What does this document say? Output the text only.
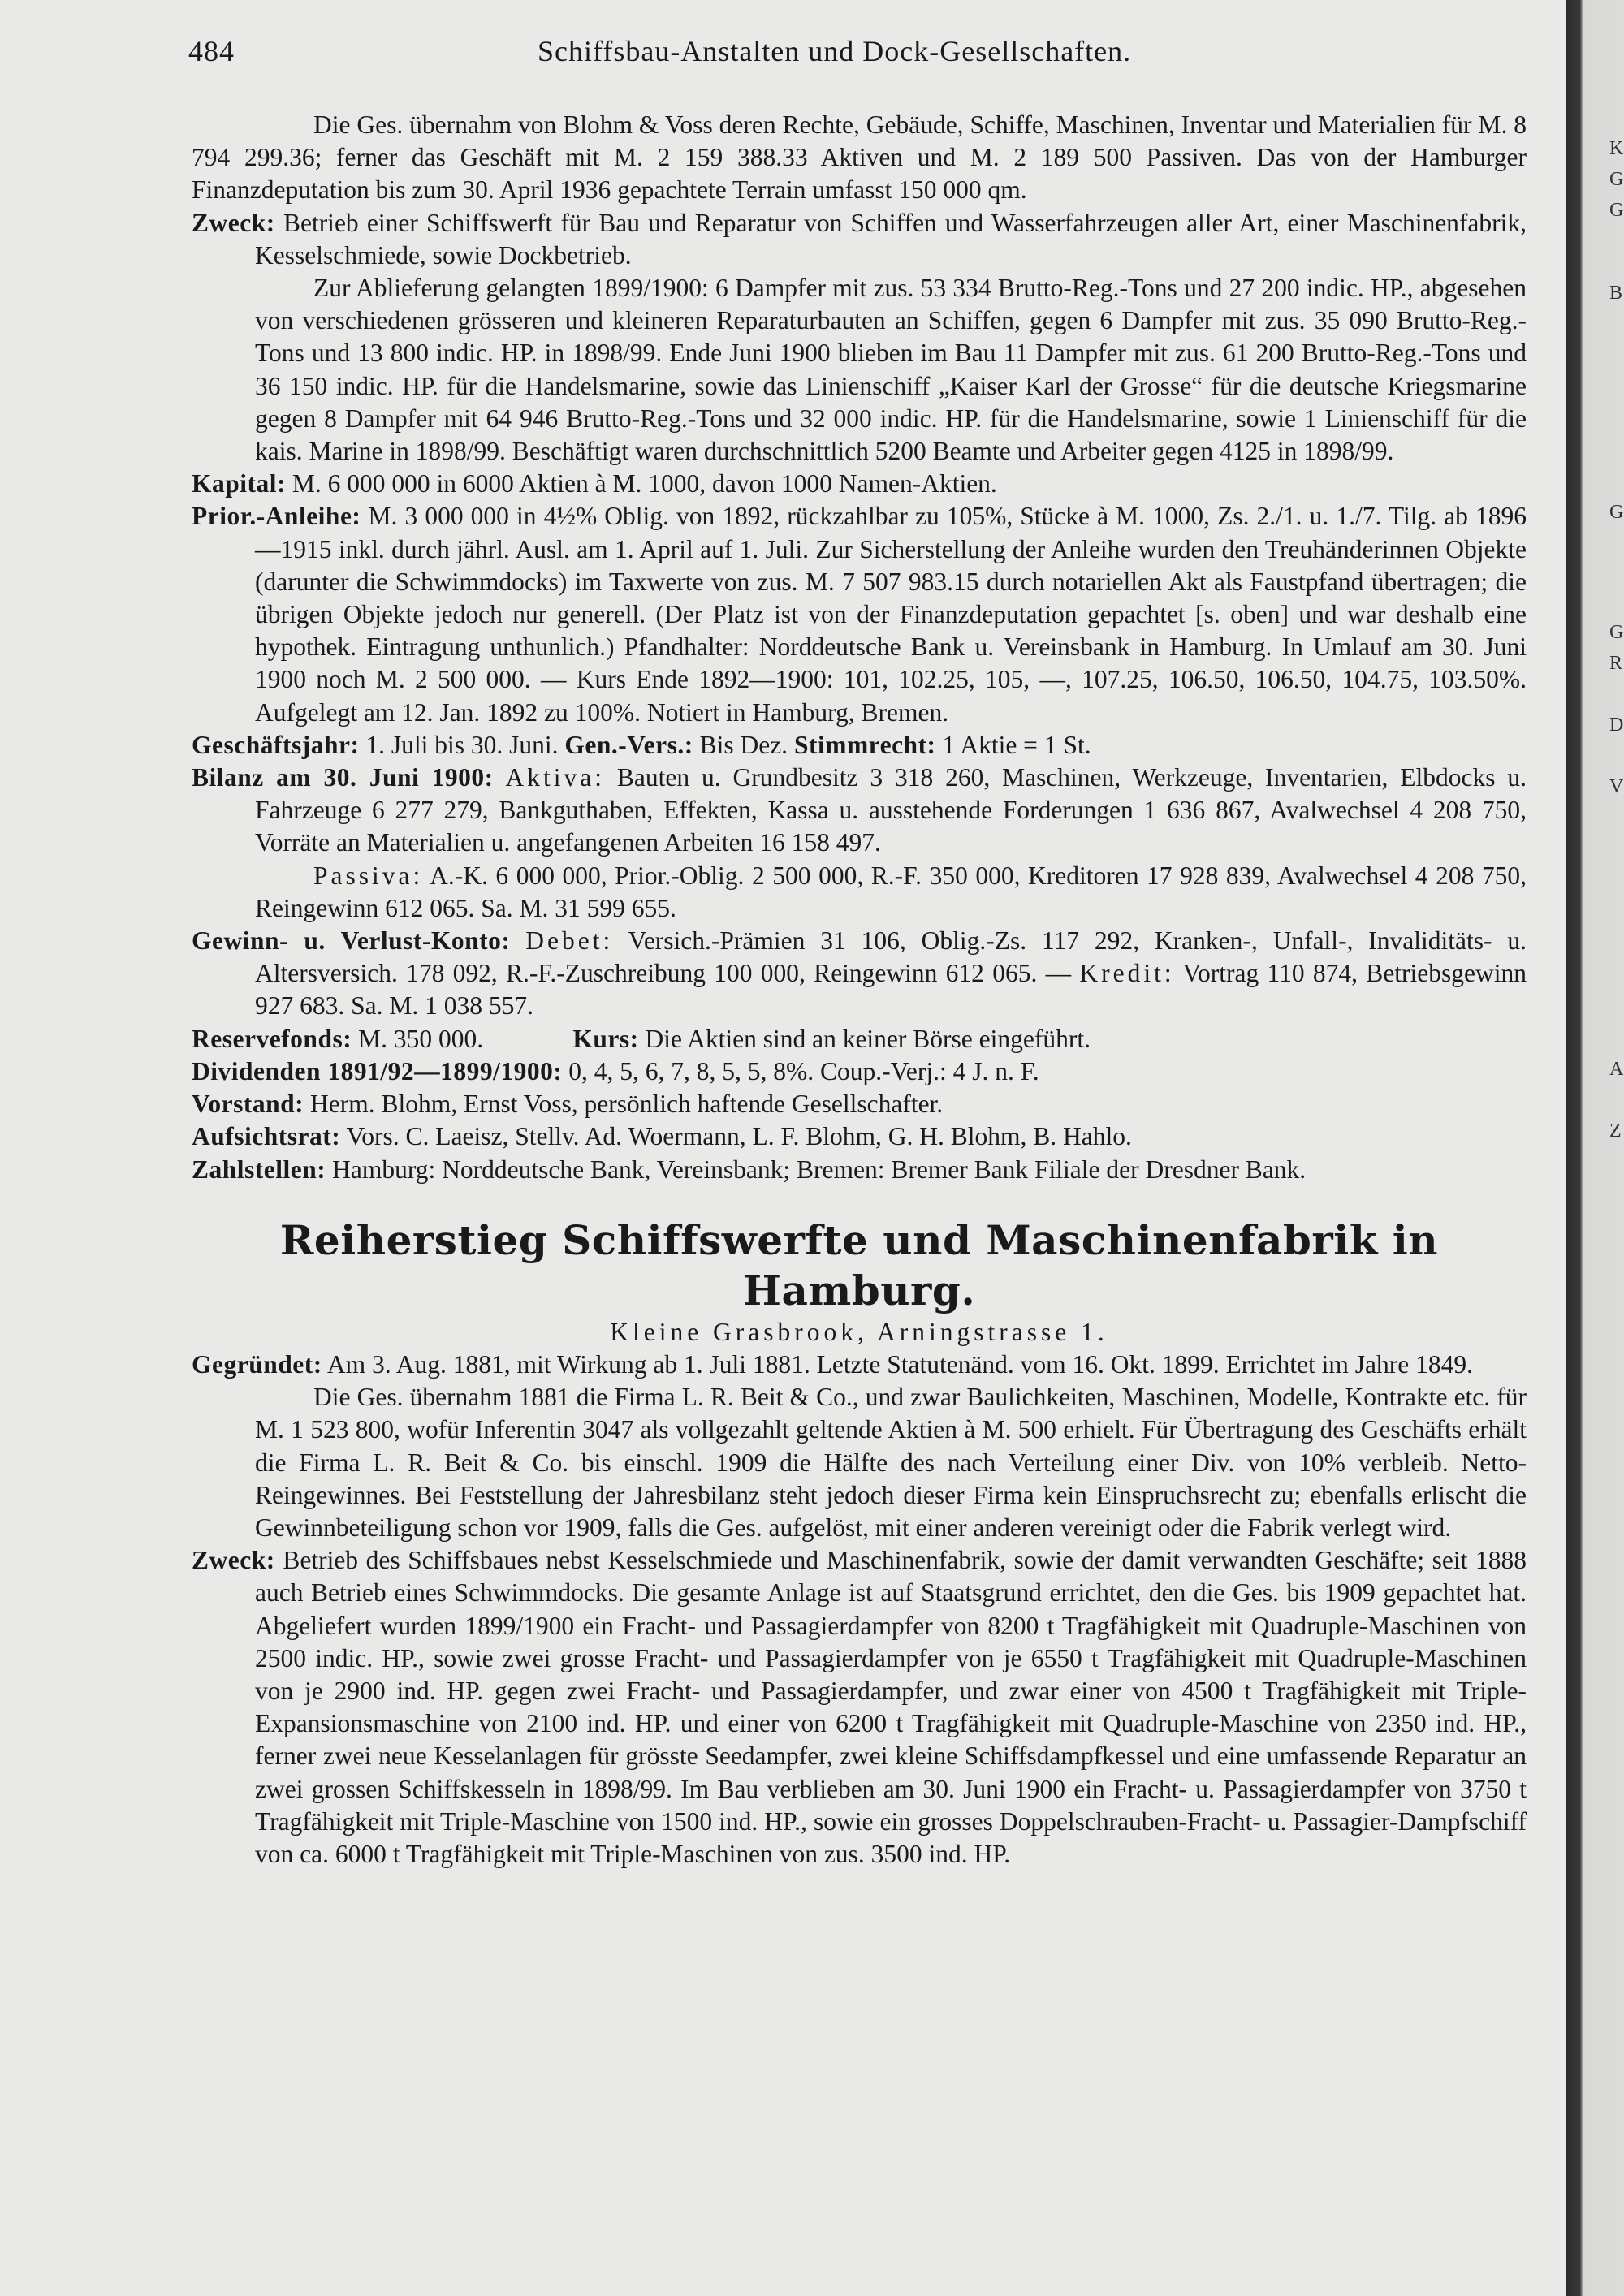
484	Schiffsbau-Anstalten und Dock-Gesellschaften.

Die Ges. übernahm von Blohm & Voss deren Rechte, Gebäude, Schiffe, Maschinen, Inventar und Materialien für M. 8 794 299.36; ferner das Geschäft mit M. 2 159 388.33 Aktiven und M. 2 189 500 Passiven. Das von der Hamburger Finanzdeputation bis zum 30. April 1936 gepachtete Terrain umfasst 150 000 qm.

Zweck: Betrieb einer Schiffswerft für Bau und Reparatur von Schiffen und Wasserfahrzeugen aller Art, einer Maschinenfabrik, Kesselschmiede, sowie Dockbetrieb.

Zur Ablieferung gelangten 1899/1900: 6 Dampfer mit zus. 53 334 Brutto-Reg.-Tons und 27 200 indic. HP., abgesehen von verschiedenen grösseren und kleineren Reparaturbauten an Schiffen, gegen 6 Dampfer mit zus. 35 090 Brutto-Reg.-Tons und 13 800 indic. HP. in 1898/99. Ende Juni 1900 blieben im Bau 11 Dampfer mit zus. 61 200 Brutto-Reg.-Tons und 36 150 indic. HP. für die Handelsmarine, sowie das Linienschiff „Kaiser Karl der Grosse“ für die deutsche Kriegsmarine gegen 8 Dampfer mit 64 946 Brutto-Reg.-Tons und 32 000 indic. HP. für die Handelsmarine, sowie 1 Linienschiff für die kais. Marine in 1898/99. Beschäftigt waren durchschnittlich 5200 Beamte und Arbeiter gegen 4125 in 1898/99.

Kapital: M. 6 000 000 in 6000 Aktien à M. 1000, davon 1000 Namen-Aktien.

Prior.-Anleihe: M. 3 000 000 in 4½% Oblig. von 1892, rückzahlbar zu 105%, Stücke à M. 1000, Zs. 2./1. u. 1./7. Tilg. ab 1896—1915 inkl. durch jährl. Ausl. am 1. April auf 1. Juli. Zur Sicherstellung der Anleihe wurden den Treuhänderinnen Objekte (darunter die Schwimmdocks) im Taxwerte von zus. M. 7 507 983.15 durch notariellen Akt als Faustpfand übertragen; die übrigen Objekte jedoch nur generell. (Der Platz ist von der Finanzdeputation gepachtet [s. oben] und war deshalb eine hypothek. Eintragung unthunlich.) Pfandhalter: Norddeutsche Bank u. Vereinsbank in Hamburg. In Umlauf am 30. Juni 1900 noch M. 2 500 000. — Kurs Ende 1892—1900: 101, 102.25, 105, —, 107.25, 106.50, 106.50, 104.75, 103.50%. Aufgelegt am 12. Jan. 1892 zu 100%. Notiert in Hamburg, Bremen.

Geschäftsjahr: 1. Juli bis 30. Juni. Gen.-Vers.: Bis Dez. Stimmrecht: 1 Aktie = 1 St.

Bilanz am 30. Juni 1900: Aktiva: Bauten u. Grundbesitz 3 318 260, Maschinen, Werkzeuge, Inventarien, Elbdocks u. Fahrzeuge 6 277 279, Bankguthaben, Effekten, Kassa u. ausstehende Forderungen 1 636 867, Avalwechsel 4 208 750, Vorräte an Materialien u. angefangenen Arbeiten 16 158 497.

Passiva: A.-K. 6 000 000, Prior.-Oblig. 2 500 000, R.-F. 350 000, Kreditoren 17 928 839, Avalwechsel 4 208 750, Reingewinn 612 065. Sa. M. 31 599 655.

Gewinn- u. Verlust-Konto: Debet: Versich.-Prämien 31 106, Oblig.-Zs. 117 292, Kranken-, Unfall-, Invaliditäts- u. Altersversich. 178 092, R.-F.-Zuschreibung 100 000, Reingewinn 612 065. — Kredit: Vortrag 110 874, Betriebsgewinn 927 683. Sa. M. 1 038 557.

Reservefonds: M. 350 000.    	Kurs: Die Aktien sind an keiner Börse eingeführt.

Dividenden 1891/92—1899/1900: 0, 4, 5, 6, 7, 8, 5, 5, 8%. Coup.-Verj.: 4 J. n. F.

Vorstand: Herm. Blohm, Ernst Voss, persönlich haftende Gesellschafter.

Aufsichtsrat: Vors. C. Laeisz, Stellv. Ad. Woermann, L. F. Blohm, G. H. Blohm, B. Hahlo.

Zahlstellen: Hamburg: Norddeutsche Bank, Vereinsbank; Bremen: Bremer Bank Filiale der Dresdner Bank.

Reiherstieg Schiffswerfte und Maschinenfabrik in Hamburg.

Kleine Grasbrook, Arningstrasse 1.

Gegründet: Am 3. Aug. 1881, mit Wirkung ab 1. Juli 1881. Letzte Statutenänd. vom 16. Okt. 1899. Errichtet im Jahre 1849.

Die Ges. übernahm 1881 die Firma L. R. Beit & Co., und zwar Baulichkeiten, Maschinen, Modelle, Kontrakte etc. für M. 1 523 800, wofür Inferentin 3047 als vollgezahlt geltende Aktien à M. 500 erhielt. Für Übertragung des Geschäfts erhält die Firma L. R. Beit & Co. bis einschl. 1909 die Hälfte des nach Verteilung einer Div. von 10% verbleib. Netto-Reingewinnes. Bei Feststellung der Jahresbilanz steht jedoch dieser Firma kein Einspruchsrecht zu; ebenfalls erlischt die Gewinnbeteiligung schon vor 1909, falls die Ges. aufgelöst, mit einer anderen vereinigt oder die Fabrik verlegt wird.

Zweck: Betrieb des Schiffsbaues nebst Kesselschmiede und Maschinenfabrik, sowie der damit verwandten Geschäfte; seit 1888 auch Betrieb eines Schwimmdocks. Die gesamte Anlage ist auf Staatsgrund errichtet, den die Ges. bis 1909 gepachtet hat. Abgeliefert wurden 1899/1900 ein Fracht- und Passagierdampfer von 8200 t Tragfähigkeit mit Quadruple-Maschinen von 2500 indic. HP., sowie zwei grosse Fracht- und Passagierdampfer von je 6550 t Tragfähigkeit mit Quadruple-Maschinen von je 2900 ind. HP. gegen zwei Fracht- und Passagierdampfer, und zwar einer von 4500 t Tragfähigkeit mit Triple-Expansionsmaschine von 2100 ind. HP. und einer von 6200 t Tragfähigkeit mit Quadruple-Maschine von 2350 ind. HP., ferner zwei neue Kesselanlagen für grösste Seedampfer, zwei kleine Schiffsdampfkessel und eine umfassende Reparatur an zwei grossen Schiffskesseln in 1898/99. Im Bau verblieben am 30. Juni 1900 ein Fracht- u. Passagierdampfer von 3750 t Tragfähigkeit mit Triple-Maschine von 1500 ind. HP., sowie ein grosses Doppelschrauben-Fracht- u. Passagier-Dampfschiff von ca. 6000 t Tragfähigkeit mit Triple-Maschinen von zus. 3500 ind. HP.

K
G
G
B
G
G
R
D
V
A
Z
